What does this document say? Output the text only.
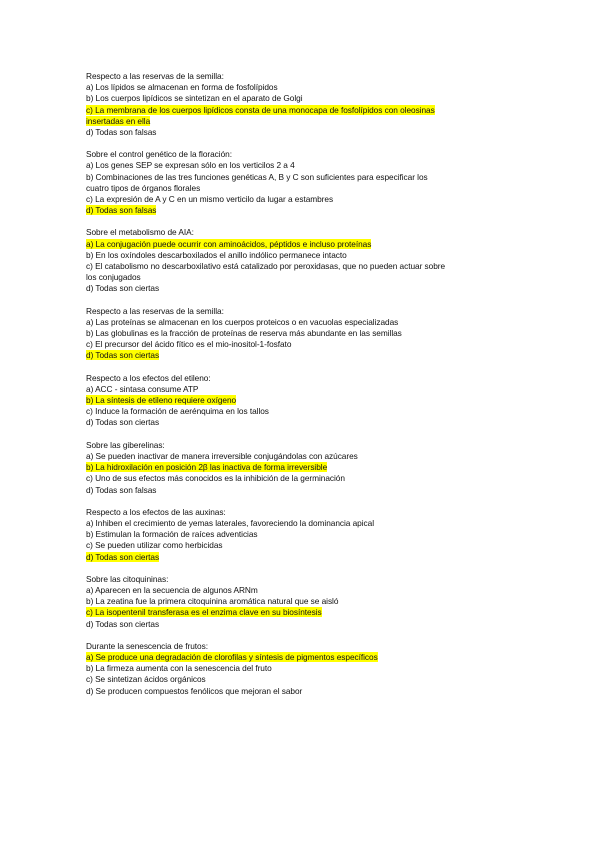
Respecto a las reservas de la semilla:
a) Los lípidos se almacenan en forma de fosfolípidos
b) Los cuerpos lipídicos se sintetizan en el aparato de Golgi
c) La membrana de los cuerpos lipídicos consta de una monocapa de fosfolípidos con oleosinas insertadas en ella
d) Todas son falsas
Sobre el control genético de la floración:
a) Los genes SEP se expresan sólo en los verticilos 2 a 4
b) Combinaciones de las tres funciones genéticas A, B y C son suficientes para especificar los cuatro tipos de órganos florales
c) La expresión de A y C en un mismo verticilo da lugar a estambres
d) Todas son falsas
Sobre el metabolismo de AIA:
a) La conjugación puede ocurrir con aminoácidos, péptidos e incluso proteínas
b) En los oxíndoles descarboxilados el anillo indólico permanece intacto
c) El catabolismo no descarboxilativo está catalizado por peroxidasas, que no pueden actuar sobre los conjugados
d) Todas son ciertas
Respecto a las reservas de la semilla:
a) Las proteínas se almacenan en los cuerpos proteicos o en vacuolas especializadas
b) Las globulinas es la fracción de proteínas de reserva más abundante en las semillas
c) El precursor del ácido fítico es el mio-inositol-1-fosfato
d) Todas son ciertas
Respecto a los efectos del etileno:
a) ACC - sintasa consume ATP
b) La síntesis de etileno requiere oxígeno
c) Induce la formación de aerénquima en los tallos
d) Todas son ciertas
Sobre las giberelinas:
a) Se pueden inactivar de manera irreversible conjugándolas con azúcares
b) La hidroxilación en posición 2β las inactiva de forma irreversible
c) Uno de sus efectos más conocidos es la inhibición de la germinación
d) Todas son falsas
Respecto a los efectos de las auxinas:
a) Inhiben el crecimiento de yemas laterales, favoreciendo la dominancia apical
b) Estimulan la formación de raíces adventicias
c) Se pueden utilizar como herbicidas
d) Todas son ciertas
Sobre las citoquininas:
a) Aparecen en la secuencia de algunos ARNm
b) La zeatina fue la primera citoquinina aromática natural que se aisló
c) La isopentenil transferasa es el enzima clave en su biosíntesis
d) Todas son ciertas
Durante la senescencia de frutos:
a) Se produce una degradación de clorofilas y síntesis de pigmentos específicos
b) La firmeza aumenta con la senescencia del fruto
c) Se sintetizan ácidos orgánicos
d) Se producen compuestos fenólicos que mejoran el sabor
